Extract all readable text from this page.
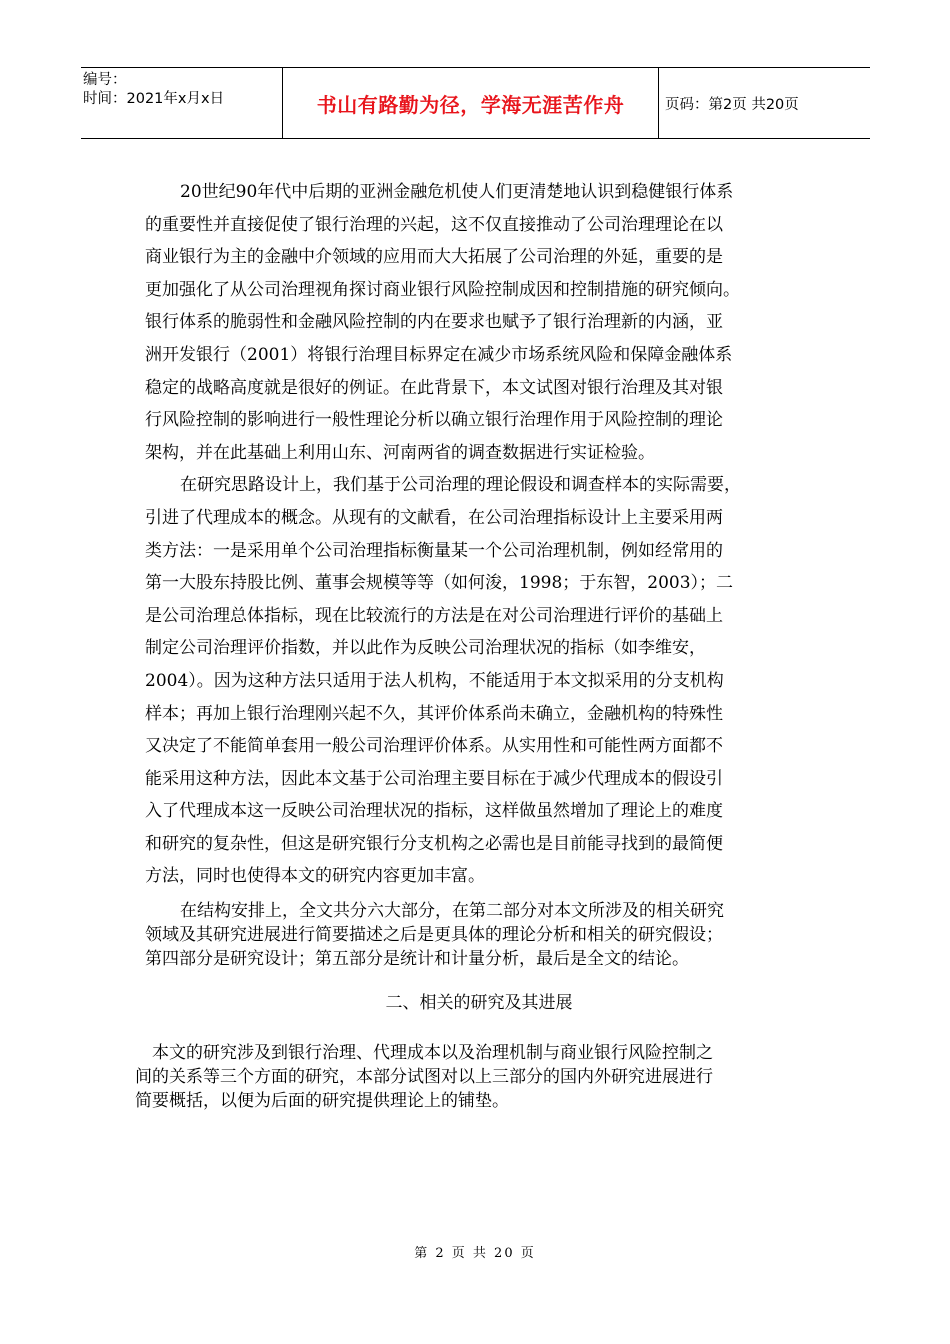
编号：
时间：2021年x月x日	书山有路勤为径，学海无涯苦作舟	页码：第2页 共20页

20世纪90年代中后期的亚洲金融危机使人们更清楚地认识到稳健银行体系
的重要性并直接促使了银行治理的兴起，这不仅直接推动了公司治理理论在以
商业银行为主的金融中介领域的应用而大大拓展了公司治理的外延，重要的是
更加强化了从公司治理视角探讨商业银行风险控制成因和控制措施的研究倾向。
银行体系的脆弱性和金融风险控制的内在要求也赋予了银行治理新的内涵，亚
洲开发银行（2001）将银行治理目标界定在减少市场系统风险和保障金融体系
稳定的战略高度就是很好的例证。在此背景下，本文试图对银行治理及其对银
行风险控制的影响进行一般性理论分析以确立银行治理作用于风险控制的理论
架构，并在此基础上利用山东、河南两省的调查数据进行实证检验。

在研究思路设计上，我们基于公司治理的理论假设和调查样本的实际需要，
引进了代理成本的概念。从现有的文献看，在公司治理指标设计上主要采用两
类方法：一是采用单个公司治理指标衡量某一个公司治理机制，例如经常用的
第一大股东持股比例、董事会规模等等（如何浚，1998；于东智，2003）；二
是公司治理总体指标，现在比较流行的方法是在对公司治理进行评价的基础上
制定公司治理评价指数，并以此作为反映公司治理状况的指标（如李维安，
2004）。因为这种方法只适用于法人机构，不能适用于本文拟采用的分支机构
样本；再加上银行治理刚兴起不久，其评价体系尚未确立，金融机构的特殊性
又决定了不能简单套用一般公司治理评价体系。从实用性和可能性两方面都不
能采用这种方法，因此本文基于公司治理主要目标在于减少代理成本的假设引
入了代理成本这一反映公司治理状况的指标，这样做虽然增加了理论上的难度
和研究的复杂性，但这是研究银行分支机构之必需也是目前能寻找到的最简便
方法，同时也使得本文的研究内容更加丰富。

在结构安排上，全文共分六大部分，在第二部分对本文所涉及的相关研究
领域及其研究进展进行简要描述之后是更具体的理论分析和相关的研究假设；
第四部分是研究设计；第五部分是统计和计量分析，最后是全文的结论。

二、相关的研究及其进展

本文的研究涉及到银行治理、代理成本以及治理机制与商业银行风险控制之
间的关系等三个方面的研究，本部分试图对以上三部分的国内外研究进展进行
简要概括，以便为后面的研究提供理论上的铺垫。

第 2 页 共 20 页
